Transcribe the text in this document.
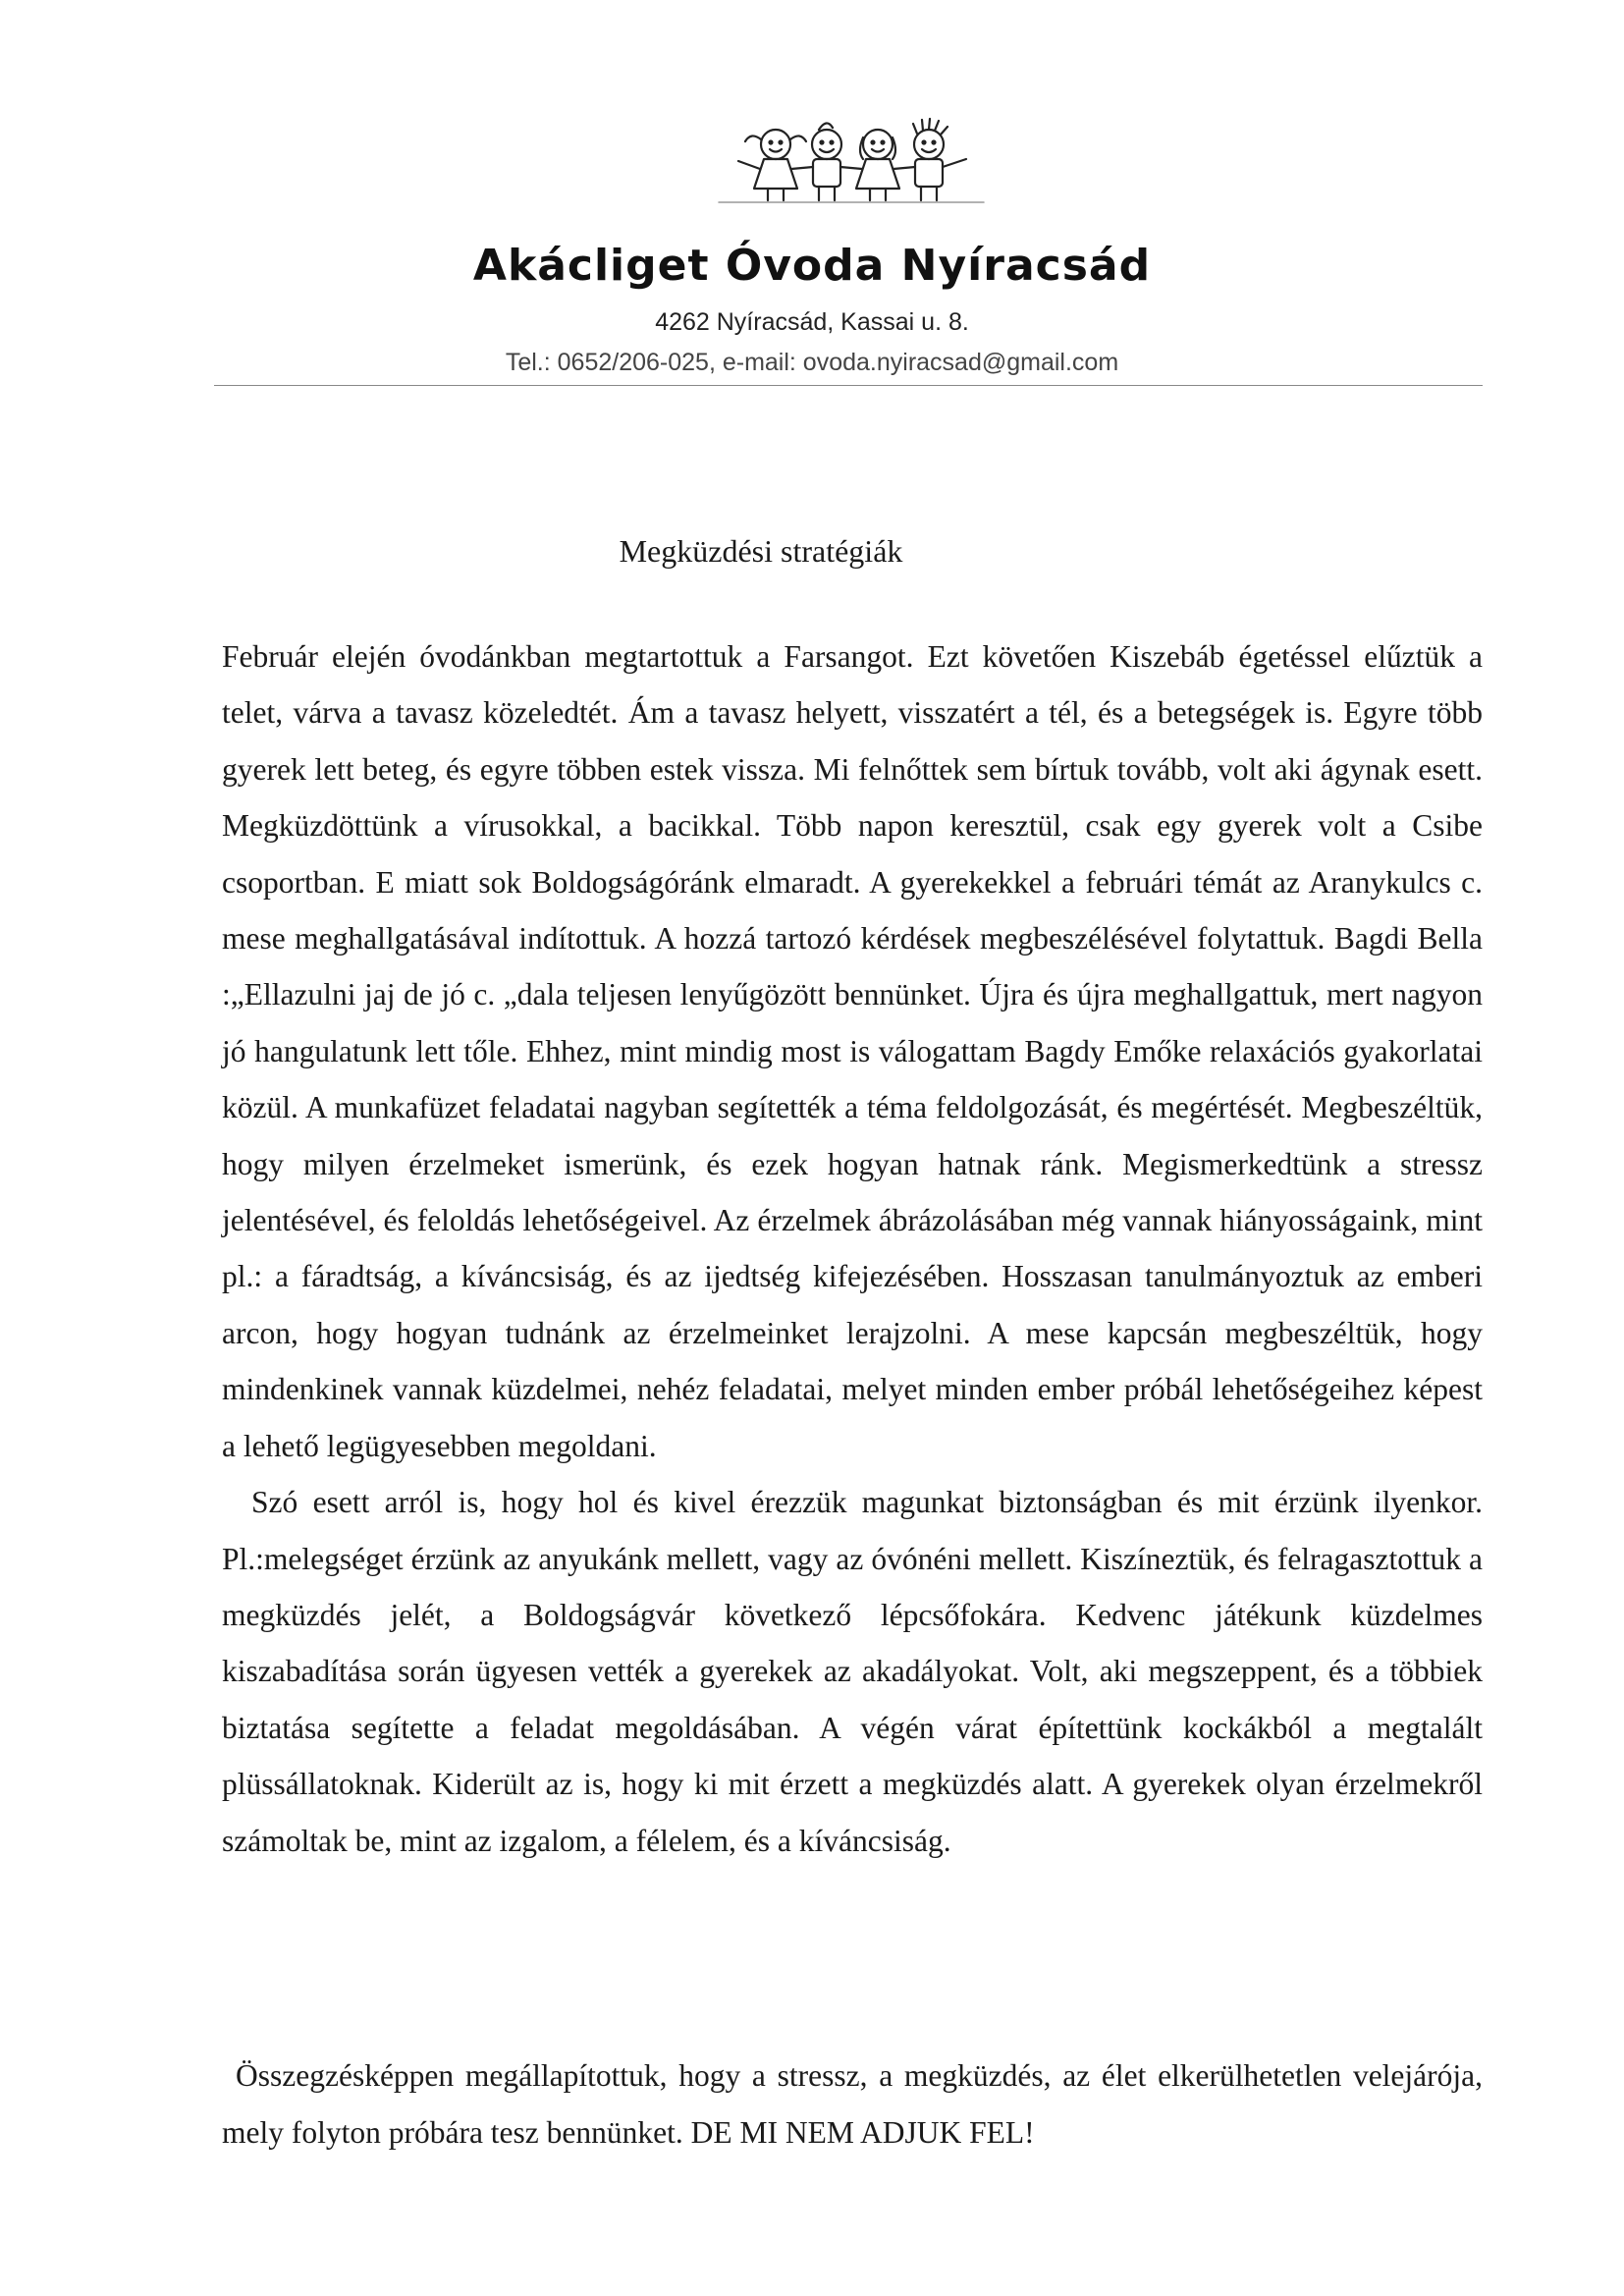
Akácliget Óvoda Nyíracsád
4262 Nyíracsád, Kassai u. 8.
Tel.: 0652/206-025, e-mail: ovoda.nyiracsad@gmail.com
Megküzdési stratégiák

Február elején óvodánkban megtartottuk a Farsangot. Ezt követően Kiszebáb égetéssel elűztük a telet, várva a tavasz közeledtét. Ám a tavasz helyett, visszatért a tél, és a betegségek is. Egyre több gyerek lett beteg, és egyre többen estek vissza. Mi felnőttek sem bírtuk tovább, volt aki ágynak esett. Megküzdöttünk a vírusokkal, a bacikkal. Több napon keresztül, csak egy gyerek volt a Csibe csoportban. E miatt sok Boldogságóránk elmaradt. A gyerekekkel a februári témát az Aranykulcs c. mese meghallgatásával indítottuk. A hozzá tartozó kérdések megbeszélésével folytattuk. Bagdi Bella :„Ellazulni jaj de jó c. „dala teljesen lenyűgözött bennünket. Újra és újra meghallgattuk, mert nagyon jó hangulatunk lett tőle. Ehhez, mint mindig most is válogattam Bagdy Emőke relaxációs gyakorlatai közül. A munkafüzet feladatai nagyban segítették a téma feldolgozását, és megértését. Megbeszéltük, hogy milyen érzelmeket ismerünk, és ezek hogyan hatnak ránk. Megismerkedtünk a stressz jelentésével, és feloldás lehetőségeivel. Az érzelmek ábrázolásában még vannak hiányosságaink, mint pl.: a fáradtság, a kíváncsiság, és az ijedtség kifejezésében. Hosszasan tanulmányoztuk az emberi arcon, hogy hogyan tudnánk az érzelmeinket lerajzolni. A mese kapcsán megbeszéltük, hogy mindenkinek vannak küzdelmei, nehéz feladatai, melyet minden ember próbál lehetőségeihez képest a lehető legügyesebben megoldani.

Szó esett arról is, hogy hol és kivel érezzük magunkat biztonságban és mit érzünk ilyenkor. Pl.:melegséget érzünk az anyukánk mellett, vagy az óvónéni mellett. Kiszíneztük, és felragasztottuk a megküzdés jelét, a Boldogságvár következő lépcsőfokára. Kedvenc játékunk küzdelmes kiszabadítása során ügyesen vették a gyerekek az akadályokat. Volt, aki megszeppent, és a többiek biztatása segítette a feladat megoldásában. A végén várat építettünk kockákból a megtalált plüssállatoknak. Kiderült az is, hogy ki mit érzett a megküzdés alatt. A gyerekek olyan érzelmekről számoltak be, mint az izgalom, a félelem, és a kíváncsiság.

Összegzésképpen megállapítottuk, hogy a stressz, a megküzdés, az élet elkerülhetetlen velejárója, mely folyton próbára tesz bennünket. DE MI NEM ADJUK FEL!
